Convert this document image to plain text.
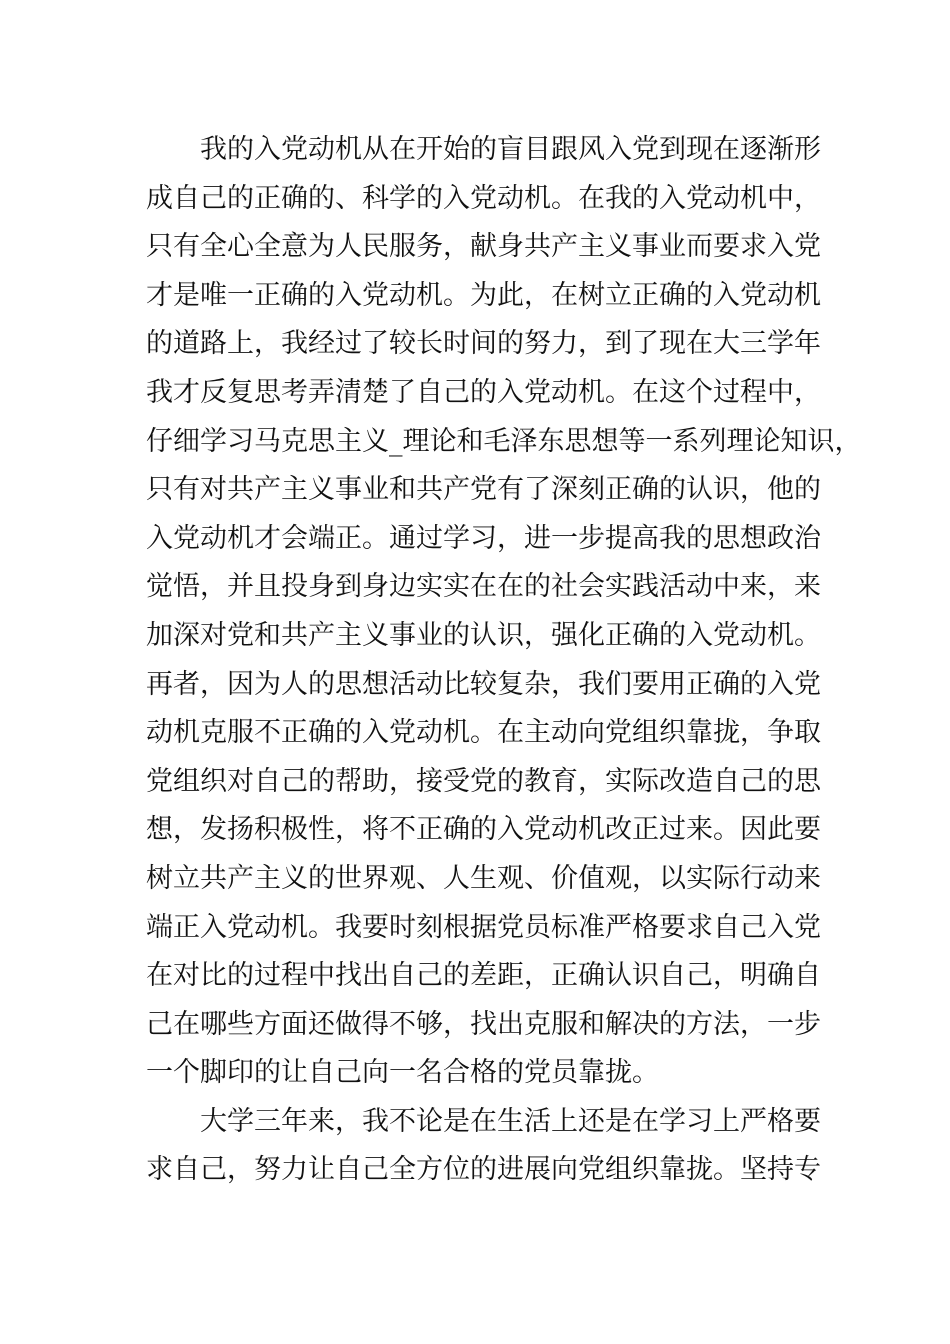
我的入党动机从在开始的盲目跟风入党到现在逐渐形
成自己的正确的、科学的入党动机。在我的入党动机中，
只有全心全意为人民服务，献身共产主义事业而要求入党
才是唯一正确的入党动机。为此，在树立正确的入党动机
的道路上，我经过了较长时间的努力，到了现在大三学年
我才反复思考弄清楚了自己的入党动机。在这个过程中，
仔细学习马克思主义_理论和毛泽东思想等一系列理论知识，
只有对共产主义事业和共产党有了深刻正确的认识，他的
入党动机才会端正。通过学习，进一步提高我的思想政治
觉悟，并且投身到身边实实在在的社会实践活动中来，来
加深对党和共产主义事业的认识，强化正确的入党动机。
再者，因为人的思想活动比较复杂，我们要用正确的入党
动机克服不正确的入党动机。在主动向党组织靠拢，争取
党组织对自己的帮助，接受党的教育，实际改造自己的思
想，发扬积极性，将不正确的入党动机改正过来。因此要
树立共产主义的世界观、人生观、价值观，以实际行动来
端正入党动机。我要时刻根据党员标准严格要求自己入党
在对比的过程中找出自己的差距，正确认识自己，明确自
己在哪些方面还做得不够，找出克服和解决的方法，一步
一个脚印的让自己向一名合格的党员靠拢。
大学三年来，我不论是在生活上还是在学习上严格要
求自己，努力让自己全方位的进展向党组织靠拢。坚持专
